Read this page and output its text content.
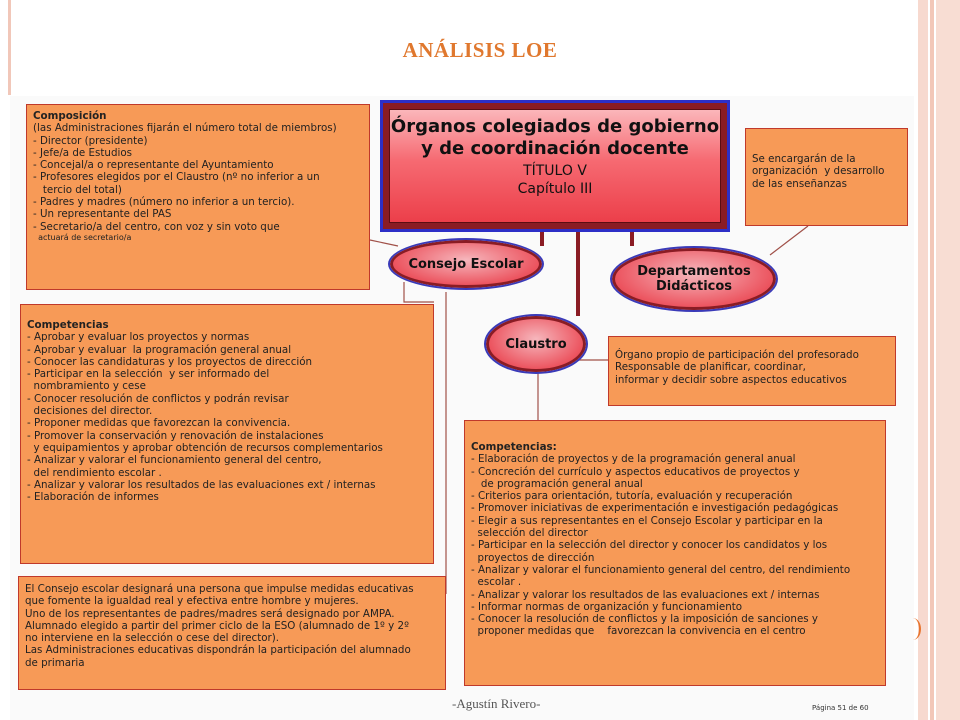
ANÁLISIS LOE
Composición
(las Administraciones fijarán el número total de miembros)
- Director (presidente)
- Jefe/a de Estudios
- Concejal/a o representante del Ayuntamiento
- Profesores elegidos por el Claustro (nº no inferior a un
tercio del total)
- Padres y madres (número no inferior a un tercio).
- Un representante del PAS
- Secretario/a del centro, con voz y sin voto que
actuará de secretario/a
Órganos colegiados de gobierno
y de coordinación docente
TÍTULO V
Capítulo III
Se encargarán de la
organización  y desarrollo
de las enseñanzas
Consejo Escolar	Departamentos
Didácticos
Claustro
Competencias
- Aprobar y evaluar los proyectos y normas
- Aprobar y evaluar  la programación general anual
- Conocer las candidaturas y los proyectos de dirección
- Participar en la selección  y ser informado del
nombramiento y cese
- Conocer resolución de conflictos y podrán revisar
decisiones del director.
- Proponer medidas que favorezcan la convivencia.
- Promover la conservación y renovación de instalaciones
y equipamientos y aprobar obtención de recursos complementarios
- Analizar y valorar el funcionamiento general del centro,
del rendimiento escolar .
- Analizar y valorar los resultados de las evaluaciones ext / internas
- Elaboración de informes
Órgano propio de participación del profesorado
Responsable de planificar, coordinar,
informar y decidir sobre aspectos educativos
Competencias:
- Elaboración de proyectos y de la programación general anual
- Concreción del currículo y aspectos educativos de proyectos y
de programación general anual
- Criterios para orientación, tutoría, evaluación y recuperación
- Promover iniciativas de experimentación e investigación pedagógicas
- Elegir a sus representantes en el Consejo Escolar y participar en la
selección del director
- Participar en la selección del director y conocer los candidatos y los
proyectos de dirección
- Analizar y valorar el funcionamiento general del centro, del rendimiento
escolar .
- Analizar y valorar los resultados de las evaluaciones ext / internas
- Informar normas de organización y funcionamiento
- Conocer la resolución de conflictos y la imposición de sanciones y
proponer medidas que    favorezcan la convivencia en el centro
El Consejo escolar designará una persona que impulse medidas educativas
que fomente la igualdad real y efectiva entre hombre y mujeres.
Uno de los representantes de padres/madres será designado por AMPA.
Alumnado elegido a partir del primer ciclo de la ESO (alumnado de 1º y 2º
no interviene en la selección o cese del director).
Las Administraciones educativas dispondrán la participación del alumnado
de primaria
-Agustín Rivero-	Página 51 de 60
